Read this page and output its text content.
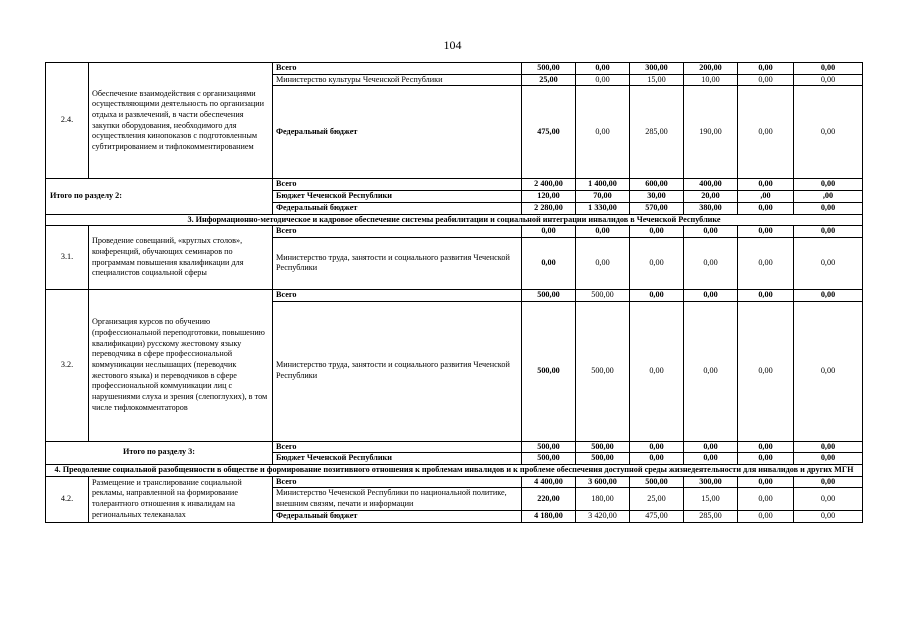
104
2.4.	Обеспечение взаимодействия с организациями осуществляющими деятельность по организации отдыха и развлечений, в части обеспечения закупки оборудования, необходимого для осуществления кинопоказов с подготовленным субтитрированием и тифлокомментированием	Всего	500,00	0,00	300,00	200,00	0,00	0,00
		Министерство культуры Чеченской Республики	25,00	0,00	15,00	10,00	0,00	0,00
		Федеральный бюджет	475,00	0,00	285,00	190,00	0,00	0,00
Итого по разделу 2:		Всего	2 400,00	1 400,00	600,00	400,00	0,00	0,00
		Бюджет Чеченской Республики	120,00	70,00	30,00	20,00	,00	,00
		Федеральный бюджет	2 280,00	1 330,00	570,00	380,00	0,00	0,00
3. Информационно-методическое и кадровое обеспечение системы реабилитации и социальной интеграции инвалидов в Чеченской Республике								
3.1.	Проведение совещаний, «круглых столов», конференций, обучающих семинаров по программам повышения квалификации для специалистов социальной сферы	Всего	0,00	0,00	0,00	0,00	0,00	0,00
		Министерство труда, занятости и социального развития Чеченской Республики	0,00	0,00	0,00	0,00	0,00	0,00
3.2.	Организация курсов по обучению (профессиональной переподготовки, повышению квалификации) русскому жестовому языку переводчика в сфере профессиональной коммуникации неслышащих (переводчик жестового языка) и переводчиков в сфере профессиональной коммуникации лиц с нарушениями слуха и зрения (слепоглухих), в том числе тифлокомментаторов	Всего	500,00	500,00	0,00	0,00	0,00	0,00
		Министерство труда, занятости и социального развития Чеченской Республики	500,00	500,00	0,00	0,00	0,00	0,00
Итого по разделу 3:		Всего	500,00	500,00	0,00	0,00	0,00	0,00
		Бюджет Чеченской Республики	500,00	500,00	0,00	0,00	0,00	0,00
4. Преодоление социальной разобщенности в обществе и формирование позитивного отношения к проблемам инвалидов и к проблеме обеспечения доступной среды жизнедеятельности для инвалидов и других МГН								
4.2.	Размещение и транслирование социальной рекламы, направленной на формирование толерантного отношения к инвалидам на региональных телеканалах	Всего	4 400,00	3 600,00	500,00	300,00	0,00	0,00
		Министерство Чеченской Республики по национальной политике, внешним связям, печати и информации	220,00	180,00	25,00	15,00	0,00	0,00
		Федеральный бюджет	4 180,00	3 420,00	475,00	285,00	0,00	0,00
